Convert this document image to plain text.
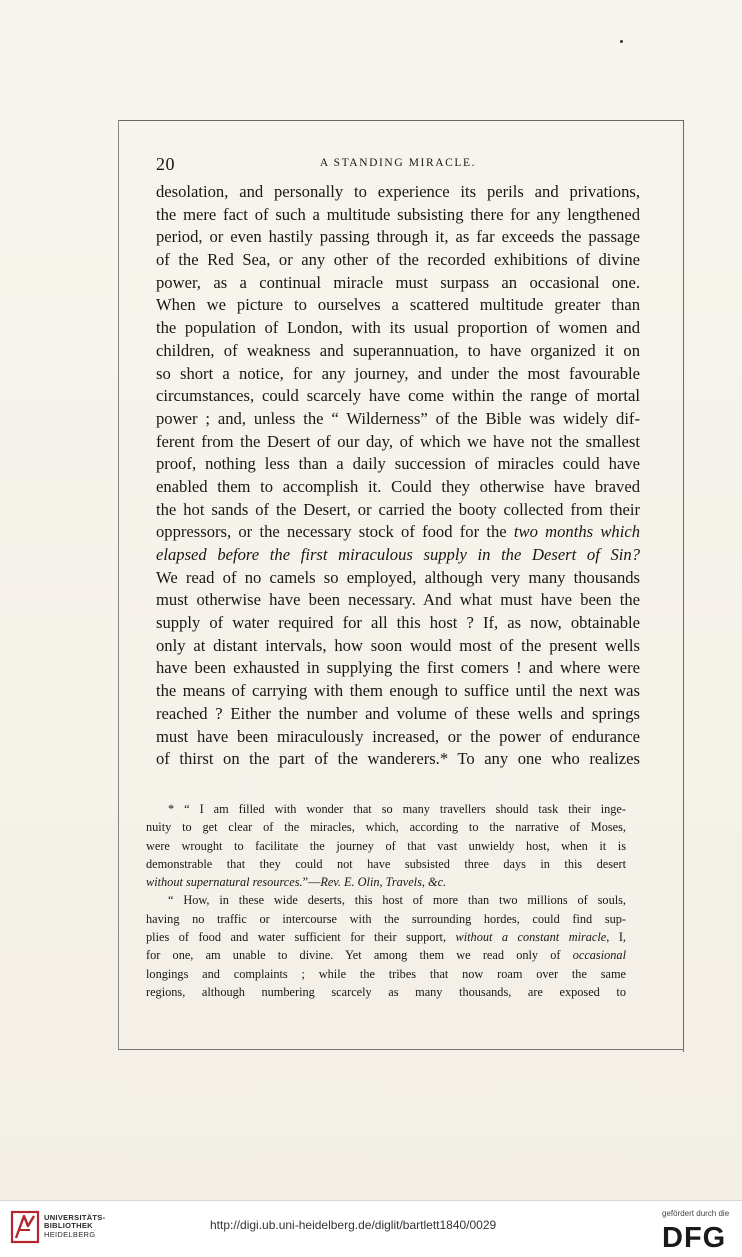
20	A STANDING MIRACLE.
desolation, and personally to experience its perils and privations,
the mere fact of such a multitude subsisting there for any lengthened
period, or even hastily passing through it, as far exceeds the passage
of the Red Sea, or any other of the recorded exhibitions of divine
power, as a continual miracle must surpass an occasional one.
When we picture to ourselves a scattered multitude greater than
the population of London, with its usual proportion of women and
children, of weakness and superannuation, to have organized it on
so short a notice, for any journey, and under the most favourable
circumstances, could scarcely have come within the range of mortal
power ; and, unless the “ Wilderness” of the Bible was widely dif-
ferent from the Desert of our day, of which we have not the smallest
proof, nothing less than a daily succession of miracles could have
enabled them to accomplish it. Could they otherwise have braved
the hot sands of the Desert, or carried the booty collected from their
oppressors, or the necessary stock of food for the two months which
elapsed before the first miraculous supply in the Desert of Sin?
We read of no camels so employed, although very many thousands
must otherwise have been necessary. And what must have been the
supply of water required for all this host ? If, as now, obtainable
only at distant intervals, how soon would most of the present wells
have been exhausted in supplying the first comers ! and where were
the means of carrying with them enough to suffice until the next was
reached ? Either the number and volume of these wells and springs
must have been miraculously increased, or the power of endurance
of thirst on the part of the wanderers.* To any one who realizes
* “ I am filled with wonder that so many travellers should task their inge-
nuity to get clear of the miracles, which, according to the narrative of Moses,
were wrought to facilitate the journey of that vast unwieldy host, when it is
demonstrable that they could not have subsisted three days in this desert
without supernatural resources.”—Rev. E. Olin, Travels, &c.
“ How, in these wide deserts, this host of more than two millions of souls,
having no traffic or intercourse with the surrounding hordes, could find sup-
plies of food and water sufficient for their support, without a constant miracle, I,
for one, am unable to divine. Yet among them we read only of occasional
longings and complaints ; while the tribes that now roam over the same
regions, although numbering scarcely as many thousands, are exposed to
UNIVERSITÄTS-
BIBLIOTHEK
HEIDELBERG
http://digi.ub.uni-heidelberg.de/diglit/bartlett1840/0029
gefördert durch die
DFG
